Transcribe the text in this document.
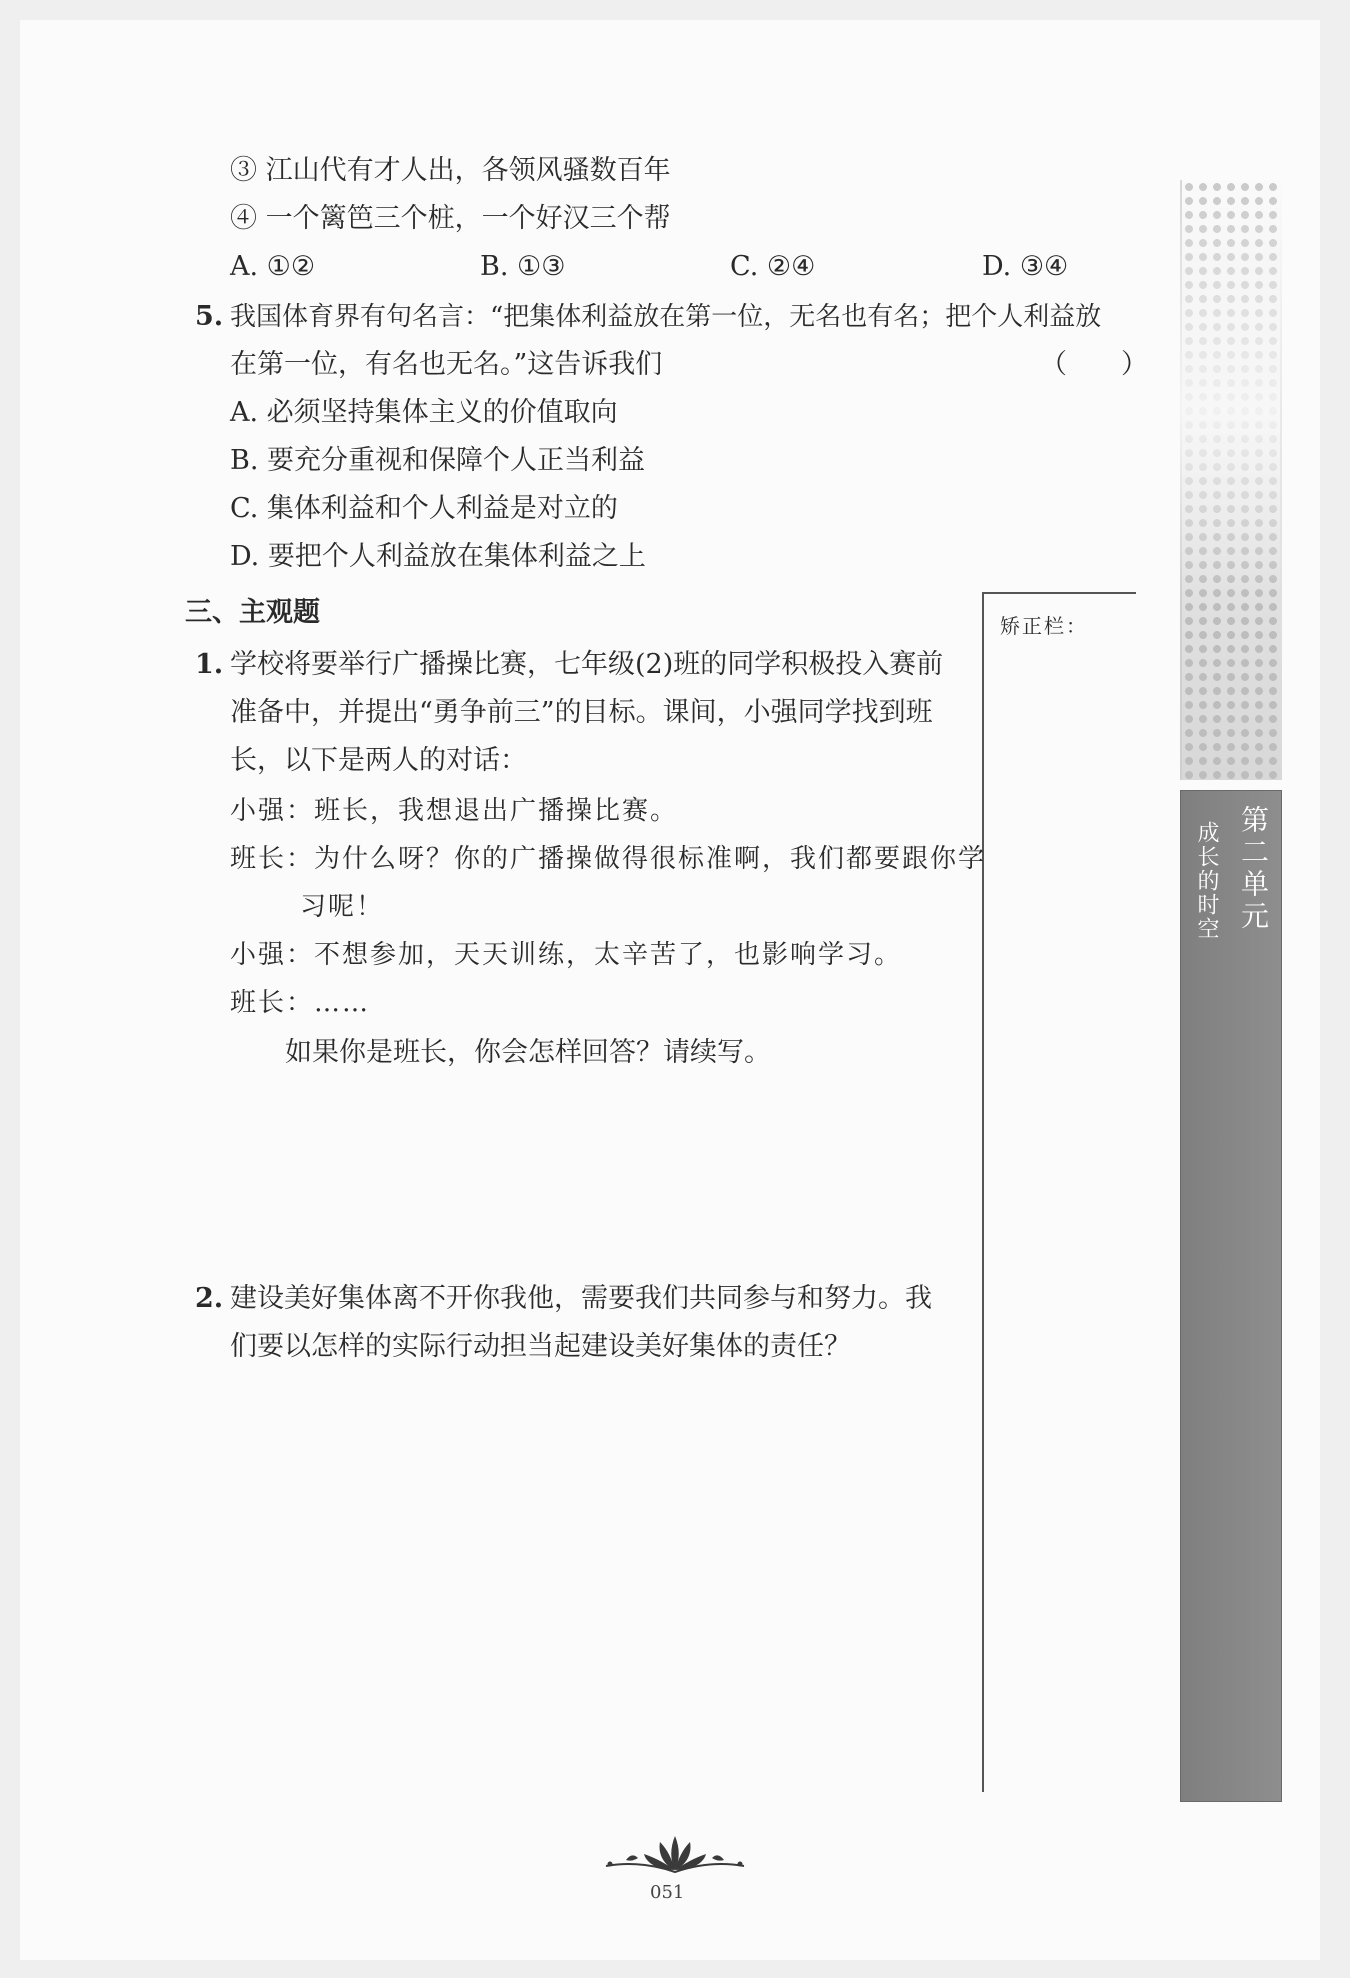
③ 江山代有才人出，各领风骚数百年
④ 一个篱笆三个桩，一个好汉三个帮
A. ①②	B. ①③	C. ②④	D. ③④
5. 我国体育界有句名言：“把集体利益放在第一位，无名也有名；把个人利益放
在第一位，有名也无名。”这告诉我们	（　　）
A. 必须坚持集体主义的价值取向
B. 要充分重视和保障个人正当利益
C. 集体利益和个人利益是对立的
D. 要把个人利益放在集体利益之上
三、主观题	矫正栏：
1. 学校将要举行广播操比赛，七年级(2)班的同学积极投入赛前
准备中，并提出“勇争前三”的目标。课间，小强同学找到班
长，以下是两人的对话：
小强：班长，我想退出广播操比赛。
班长：为什么呀？你的广播操做得很标准啊，我们都要跟你学
习呢！
小强：不想参加，天天训练，太辛苦了，也影响学习。
班长：……
如果你是班长，你会怎样回答？请续写。
2. 建设美好集体离不开你我他，需要我们共同参与和努力。我
们要以怎样的实际行动担当起建设美好集体的责任？
第二单元
成长的时空
051
